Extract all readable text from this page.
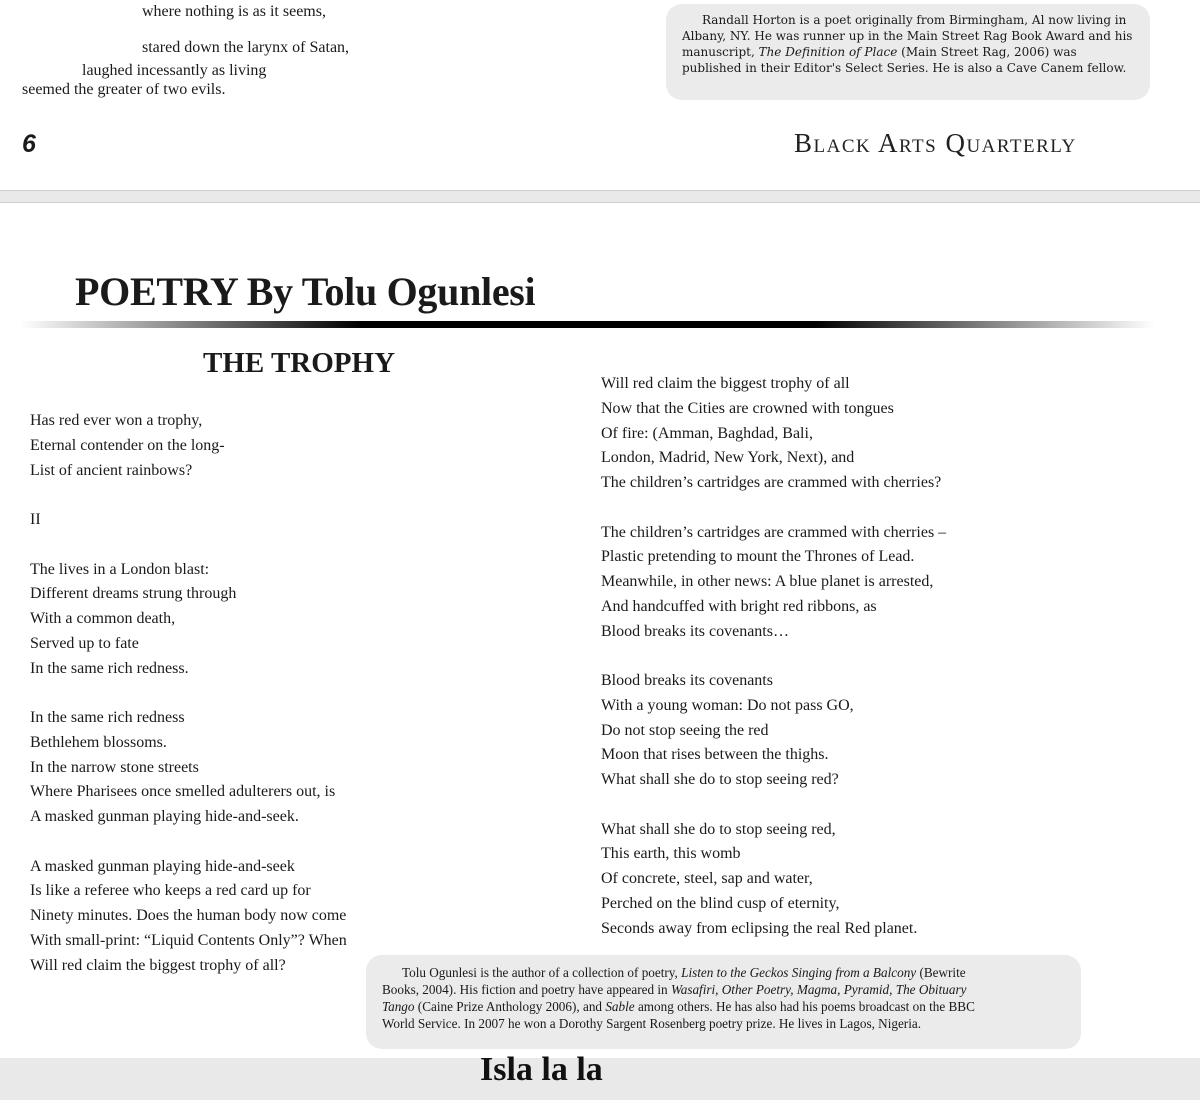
where nothing is as it seems,
stared down the larynx of Satan,
laughed incessantly as living
seemed the greater of two evils.

Randall Horton is a poet originally from Birmingham, Al now living in Albany, NY. He was runner up in the Main Street Rag Book Award and his manuscript, The Definition of Place (Main Street Rag, 2006) was published in their Editor's Select Series. He is also a Cave Canem fellow.

6	Black Arts Quarterly
POETRY By Tolu Ogunlesi
THE TROPHY
Has red ever won a trophy,
Eternal contender on the long-
List of ancient rainbows?
II
The lives in a London blast:
Different dreams strung through
With a common death,
Served up to fate
In the same rich redness.
In the same rich redness
Bethlehem blossoms.
In the narrow stone streets
Where Pharisees once smelled adulterers out, is
A masked gunman playing hide-and-seek.
A masked gunman playing hide-and-seek
Is like a referee who keeps a red card up for
Ninety minutes. Does the human body now come
With small-print: “Liquid Contents Only”? When
Will red claim the biggest trophy of all?
Will red claim the biggest trophy of all
Now that the Cities are crowned with tongues
Of fire: (Amman, Baghdad, Bali,
London, Madrid, New York, Next), and
The children’s cartridges are crammed with cherries?
The children’s cartridges are crammed with cherries –
Plastic pretending to mount the Thrones of Lead.
Meanwhile, in other news: A blue planet is arrested,
And handcuffed with bright red ribbons, as
Blood breaks its covenants…
Blood breaks its covenants
With a young woman: Do not pass GO,
Do not stop seeing the red
Moon that rises between the thighs.
What shall she do to stop seeing red?
What shall she do to stop seeing red,
This earth, this womb
Of concrete, steel, sap and water,
Perched on the blind cusp of eternity,
Seconds away from eclipsing the real Red planet.
Tolu Ogunlesi is the author of a collection of poetry, Listen to the Geckos Singing from a Balcony (Bewrite
Books, 2004). His fiction and poetry have appeared in Wasafiri, Other Poetry, Magma, Pyramid, The Obituary
Tango (Caine Prize Anthology 2006), and Sable among others. He has also had his poems broadcast on the BBC
World Service. In 2007 he won a Dorothy Sargent Rosenberg poetry prize. He lives in Lagos, Nigeria.
Isla la la
